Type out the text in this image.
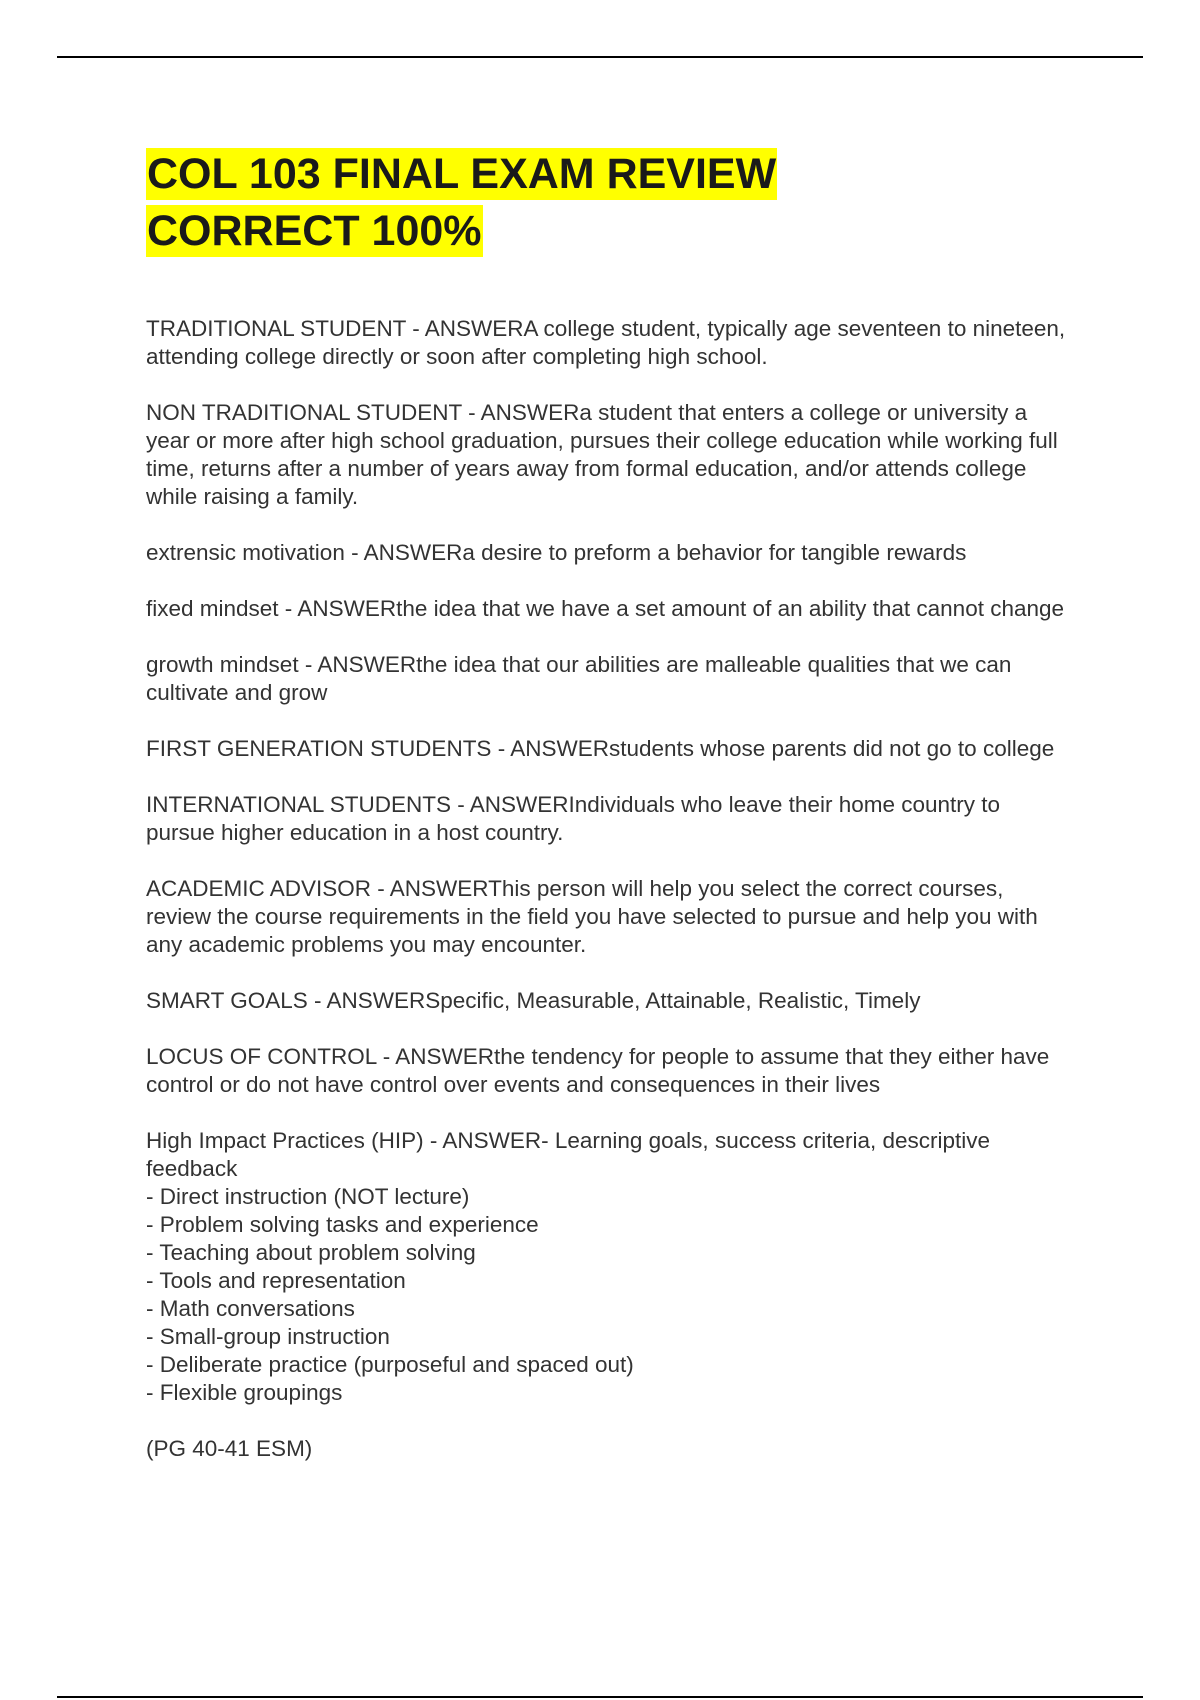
COL 103 FINAL EXAM REVIEW
CORRECT 100%

TRADITIONAL STUDENT - ANSWERA college student, typically age seventeen to nineteen, attending college directly or soon after completing high school.

NON TRADITIONAL STUDENT - ANSWERa student that enters a college or university a year or more after high school graduation, pursues their college education while working full time, returns after a number of years away from formal education, and/or attends college while raising a family.

extrensic motivation - ANSWERa desire to preform a behavior for tangible rewards

fixed mindset - ANSWERthe idea that we have a set amount of an ability that cannot change

growth mindset - ANSWERthe idea that our abilities are malleable qualities that we can cultivate and grow

FIRST GENERATION STUDENTS - ANSWERstudents whose parents did not go to college

INTERNATIONAL STUDENTS - ANSWERIndividuals who leave their home country to pursue higher education in a host country.

ACADEMIC ADVISOR - ANSWERThis person will help you select the correct courses, review the course requirements in the field you have selected to pursue and help you with any academic problems you may encounter.

SMART GOALS - ANSWERSpecific, Measurable, Attainable, Realistic, Timely

LOCUS OF CONTROL - ANSWERthe tendency for people to assume that they either have control or do not have control over events and consequences in their lives

High Impact Practices (HIP) - ANSWER- Learning goals, success criteria, descriptive feedback
- Direct instruction (NOT lecture)
- Problem solving tasks and experience
- Teaching about problem solving
- Tools and representation
- Math conversations
- Small-group instruction
- Deliberate practice (purposeful and spaced out)
- Flexible groupings

(PG 40-41 ESM)
